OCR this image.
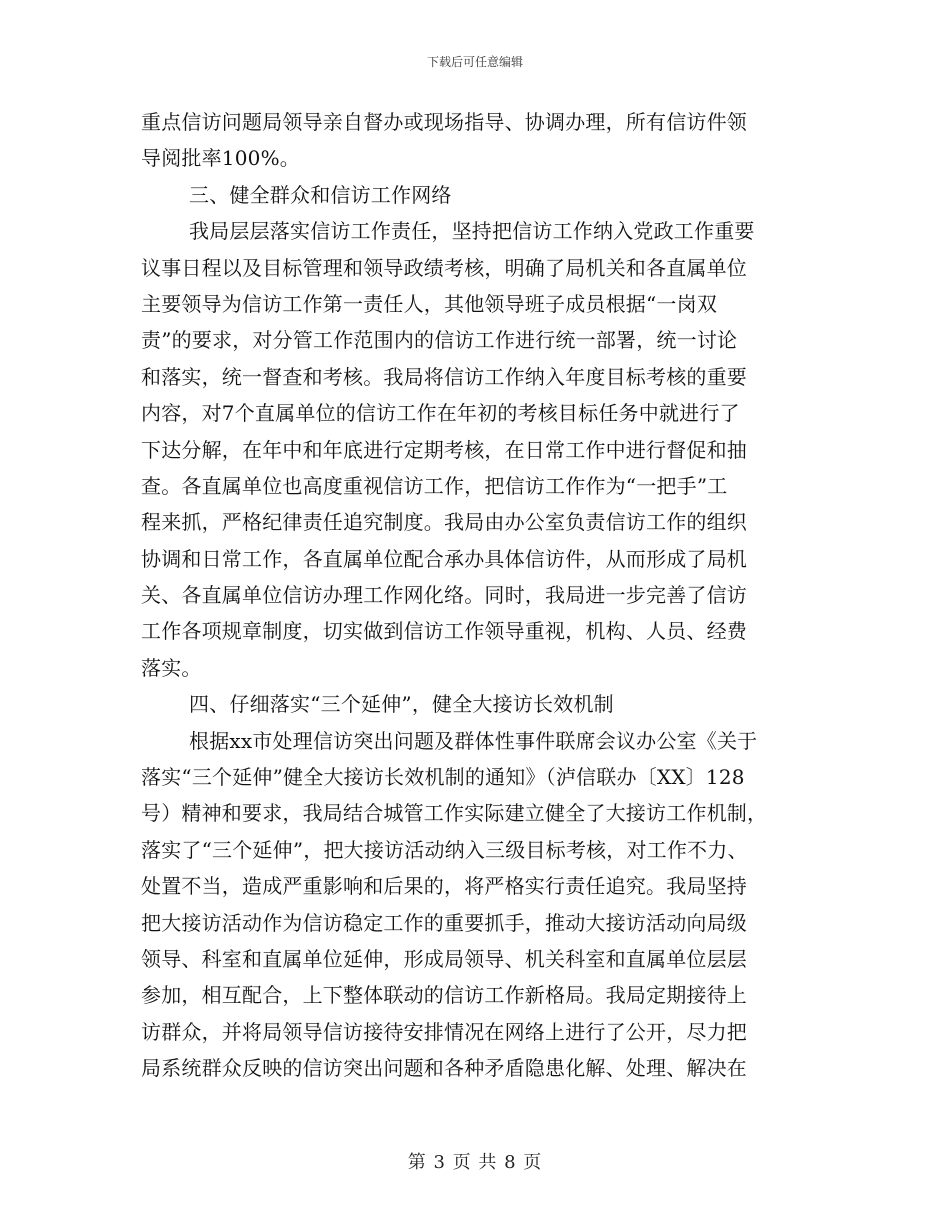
下载后可任意编辑
重点信访问题局领导亲自督办或现场指导、协调办理，所有信访件领
导阅批率100%。
三、健全群众和信访工作网络
我局层层落实信访工作责任，坚持把信访工作纳入党政工作重要
议事日程以及目标管理和领导政绩考核，明确了局机关和各直属单位
主要领导为信访工作第一责任人，其他领导班子成员根据“一岗双
责”的要求，对分管工作范围内的信访工作进行统一部署，统一讨论
和落实，统一督查和考核。我局将信访工作纳入年度目标考核的重要
内容，对7个直属单位的信访工作在年初的考核目标任务中就进行了
下达分解，在年中和年底进行定期考核，在日常工作中进行督促和抽
查。各直属单位也高度重视信访工作，把信访工作作为“一把手”工
程来抓，严格纪律责任追究制度。我局由办公室负责信访工作的组织
协调和日常工作，各直属单位配合承办具体信访件，从而形成了局机
关、各直属单位信访办理工作网化络。同时，我局进一步完善了信访
工作各项规章制度，切实做到信访工作领导重视，机构、人员、经费
落实。
四、仔细落实“三个延伸”，健全大接访长效机制
根据xx市处理信访突出问题及群体性事件联席会议办公室《关于
落实“三个延伸”健全大接访长效机制的通知》（泸信联办〔XX〕128
号）精神和要求，我局结合城管工作实际建立健全了大接访工作机制，
落实了“三个延伸”，把大接访活动纳入三级目标考核，对工作不力、
处置不当，造成严重影响和后果的，将严格实行责任追究。我局坚持
把大接访活动作为信访稳定工作的重要抓手，推动大接访活动向局级
领导、科室和直属单位延伸，形成局领导、机关科室和直属单位层层
参加，相互配合，上下整体联动的信访工作新格局。我局定期接待上
访群众，并将局领导信访接待安排情况在网络上进行了公开，尽力把
局系统群众反映的信访突出问题和各种矛盾隐患化解、处理、解决在
第 3 页 共 8 页
